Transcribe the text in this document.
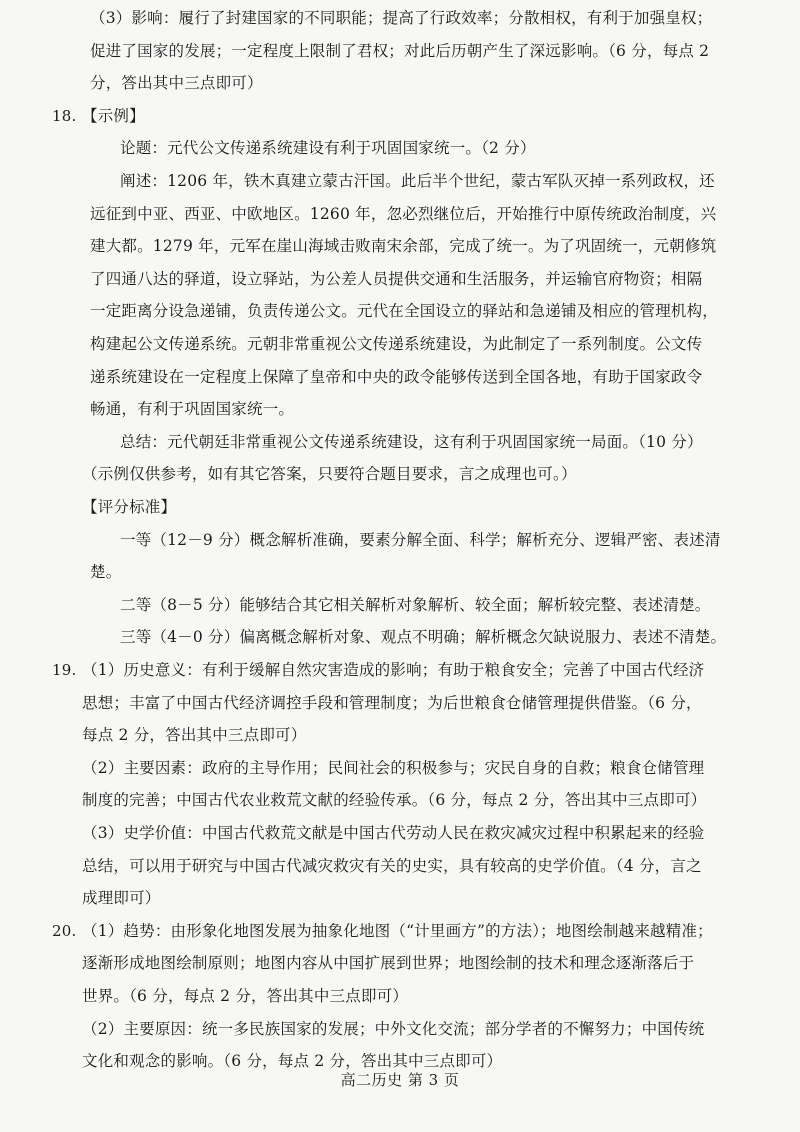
（3）影响：履行了封建国家的不同职能；提高了行政效率；分散相权，有利于加强皇权；
促进了国家的发展；一定程度上限制了君权；对此后历朝产生了深远影响。（6 分，每点 2
分，答出其中三点即可）
18. 【示例】
论题：元代公文传递系统建设有利于巩固国家统一。（2 分）
阐述：1206 年，铁木真建立蒙古汗国。此后半个世纪，蒙古军队灭掉一系列政权，还
远征到中亚、西亚、中欧地区。1260 年，忽必烈继位后，开始推行中原传统政治制度，兴
建大都。1279 年，元军在崖山海域击败南宋余部，完成了统一。为了巩固统一，元朝修筑
了四通八达的驿道，设立驿站，为公差人员提供交通和生活服务，并运输官府物资；相隔
一定距离分设急递铺，负责传递公文。元代在全国设立的驿站和急递铺及相应的管理机构，
构建起公文传递系统。元朝非常重视公文传递系统建设，为此制定了一系列制度。公文传
递系统建设在一定程度上保障了皇帝和中央的政令能够传送到全国各地，有助于国家政令
畅通，有利于巩固国家统一。
总结：元代朝廷非常重视公文传递系统建设，这有利于巩固国家统一局面。（10 分）
（示例仅供参考，如有其它答案，只要符合题目要求，言之成理也可。）
【评分标准】
一等（12－9 分）概念解析准确，要素分解全面、科学；解析充分、逻辑严密、表述清
楚。
二等（8－5 分）能够结合其它相关解析对象解析、较全面；解析较完整、表述清楚。
三等（4－0 分）偏离概念解析对象、观点不明确；解析概念欠缺说服力、表述不清楚。
19. （1）历史意义：有利于缓解自然灾害造成的影响；有助于粮食安全；完善了中国古代经济
思想；丰富了中国古代经济调控手段和管理制度；为后世粮食仓储管理提供借鉴。（6 分，
每点 2 分，答出其中三点即可）
（2）主要因素：政府的主导作用；民间社会的积极参与；灾民自身的自救；粮食仓储管理
制度的完善；中国古代农业救荒文献的经验传承。（6 分，每点 2 分，答出其中三点即可）
（3）史学价值：中国古代救荒文献是中国古代劳动人民在救灾减灾过程中积累起来的经验
总结，可以用于研究与中国古代减灾救灾有关的史实，具有较高的史学价值。（4 分，言之
成理即可）
20. （1）趋势：由形象化地图发展为抽象化地图（“计里画方”的方法）；地图绘制越来越精准；
逐渐形成地图绘制原则；地图内容从中国扩展到世界；地图绘制的技术和理念逐渐落后于
世界。（6 分，每点 2 分，答出其中三点即可）
（2）主要原因：统一多民族国家的发展；中外文化交流；部分学者的不懈努力；中国传统
文化和观念的影响。（6 分，每点 2 分，答出其中三点即可）
高二历史 第 3 页
